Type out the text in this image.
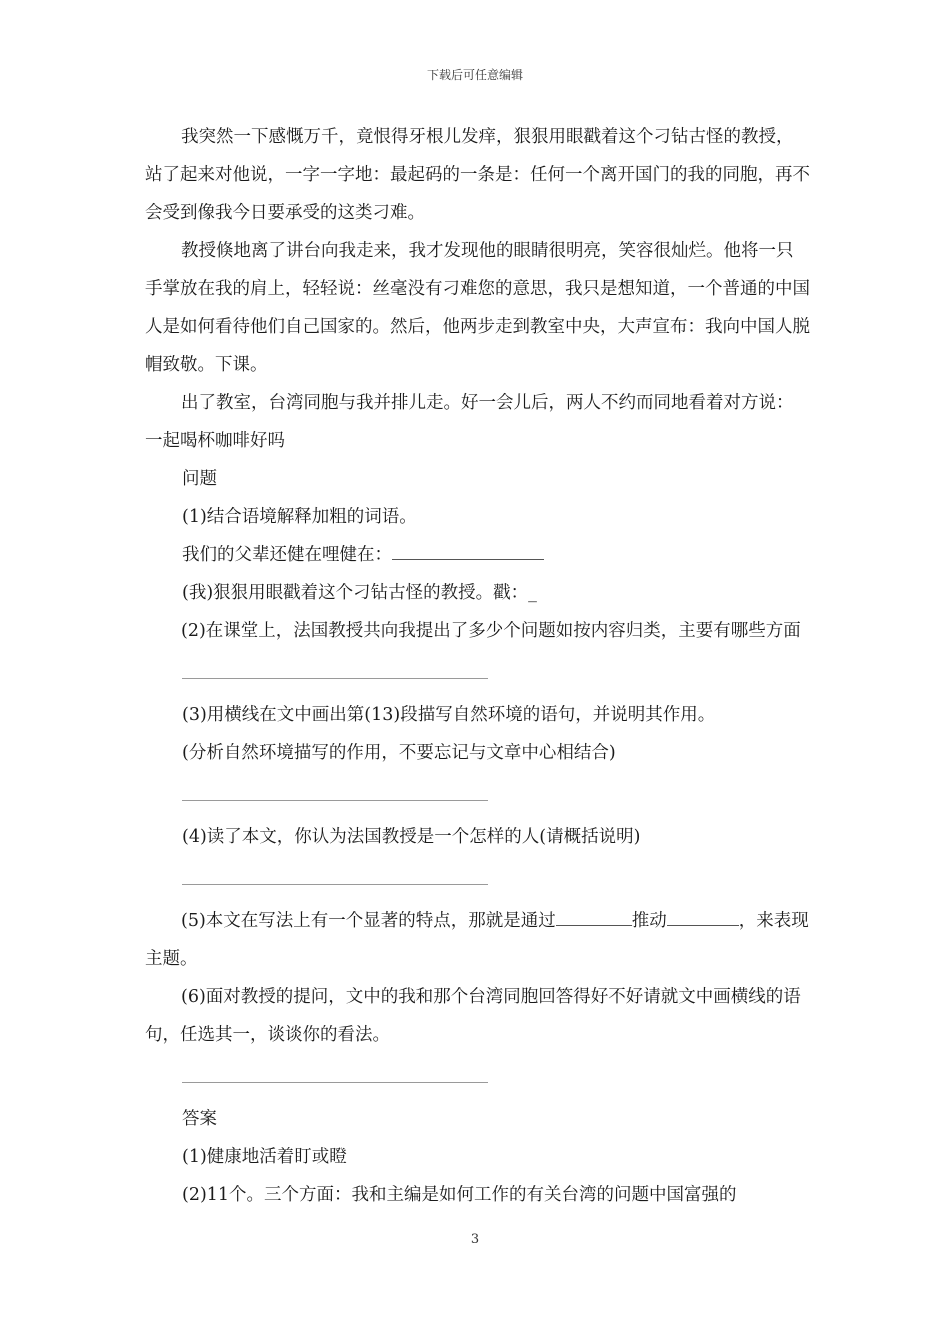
下载后可任意编辑

我突然一下感慨万千，竟恨得牙根儿发痒，狠狠用眼戳着这个刁钻古怪的教授，站了起来对他说，一字一字地：最起码的一条是：任何一个离开国门的我的同胞，再不会受到像我今日要承受的这类刁难。

教授倏地离了讲台向我走来，我才发现他的眼睛很明亮，笑容很灿烂。他将一只手掌放在我的肩上，轻轻说：丝毫没有刁难您的意思，我只是想知道，一个普通的中国人是如何看待他们自己国家的。然后，他两步走到教室中央，大声宣布：我向中国人脱帽致敬。下课。

出了教室，台湾同胞与我并排儿走。好一会儿后，两人不约而同地看着对方说：一起喝杯咖啡好吗

问题

(1)结合语境解释加粗的词语。

我们的父辈还健在哩健在：

(我)狠狠用眼戳着这个刁钻古怪的教授。戳：_

(2)在课堂上，法国教授共向我提出了多少个问题如按内容归类，主要有哪些方面

(3)用横线在文中画出第(13)段描写自然环境的语句，并说明其作用。

(分析自然环境描写的作用，不要忘记与文章中心相结合)

(4)读了本文，你认为法国教授是一个怎样的人(请概括说明)

(5)本文在写法上有一个显著的特点，那就是通过	推动	，来表现主题。

(6)面对教授的提问，文中的我和那个台湾同胞回答得好不好请就文中画横线的语句，任选其一，谈谈你的看法。

答案

(1)健康地活着盯或瞪

(2)11个。三个方面：我和主编是如何工作的有关台湾的问题中国富强的

3
